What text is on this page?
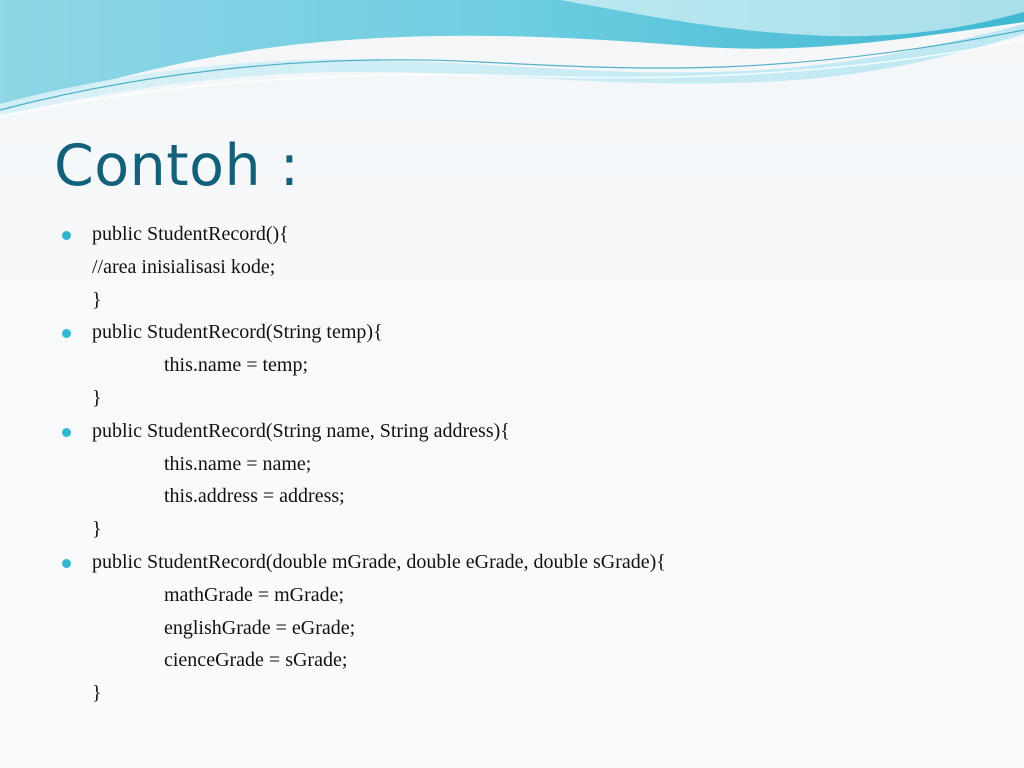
Contoh :

public StudentRecord(){

//area inisialisasi kode;

}

public StudentRecord(String temp){

this.name = temp;

}

public StudentRecord(String name, String address){

this.name = name;

this.address = address;

}

public StudentRecord(double mGrade, double eGrade, double sGrade){

mathGrade = mGrade;

englishGrade = eGrade;

cienceGrade = sGrade;

}
